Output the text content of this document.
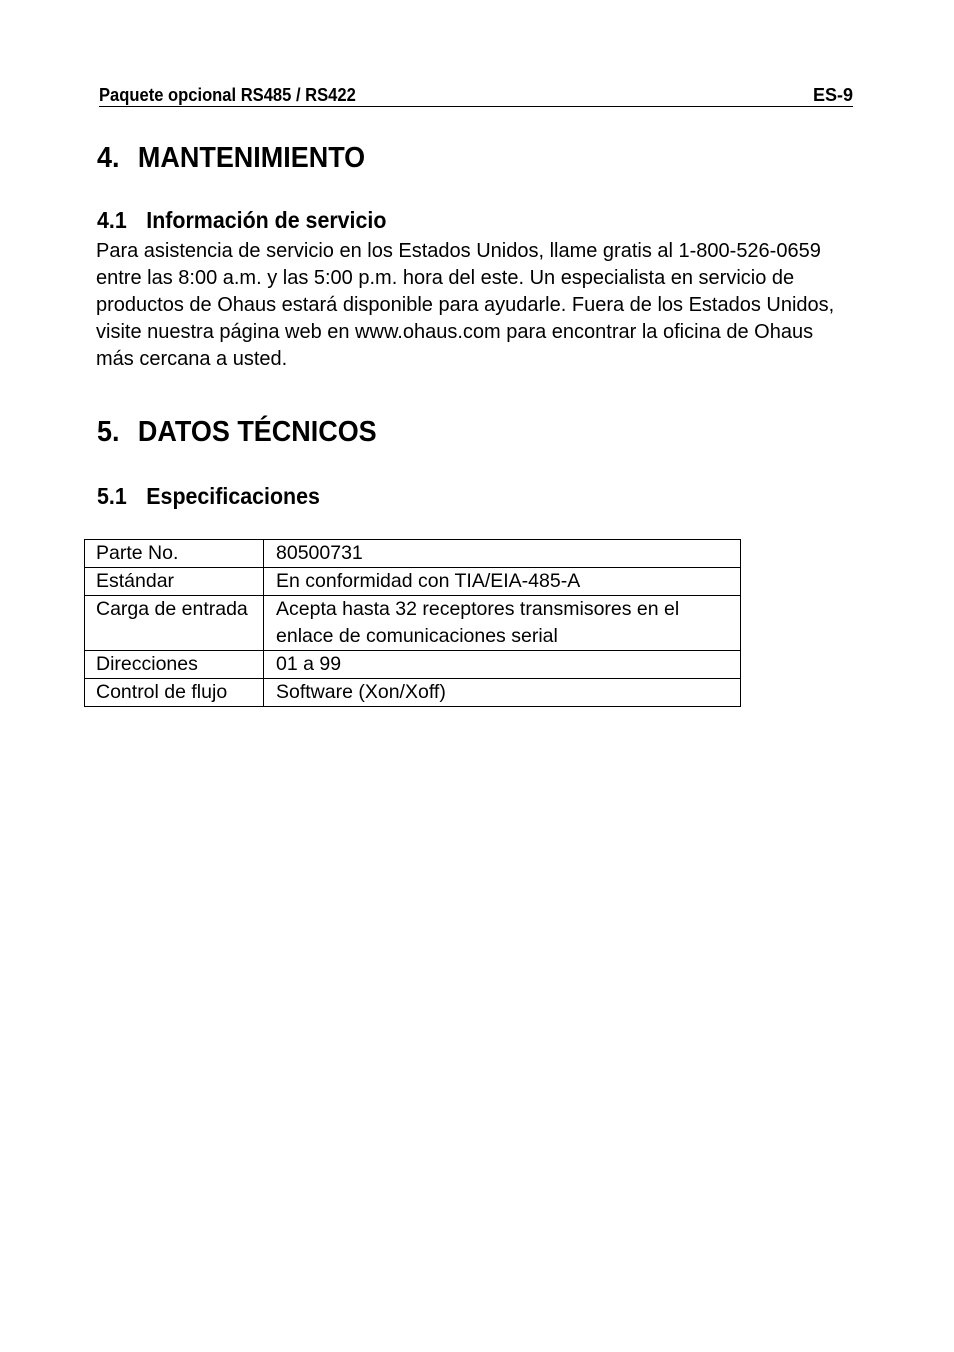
Paquete opcional RS485 / RS422	ES-9
4. MANTENIMIENTO
4.1 Información de servicio
Para asistencia de servicio en los Estados Unidos, llame gratis al 1-800-526-0659
entre las 8:00 a.m. y las 5:00 p.m. hora del este. Un especialista en servicio de
productos de Ohaus estará disponible para ayudarle. Fuera de los Estados Unidos,
visite nuestra página web en www.ohaus.com para encontrar la oficina de Ohaus
más cercana a usted.
5. DATOS TÉCNICOS
5.1 Especificaciones
Parte No.	80500731
Estándar	En conformidad con TIA/EIA-485-A
Carga de entrada	Acepta hasta 32 receptores transmisores en el
enlace de comunicaciones serial
Direcciones	01 a 99
Control de flujo	Software (Xon/Xoff)
